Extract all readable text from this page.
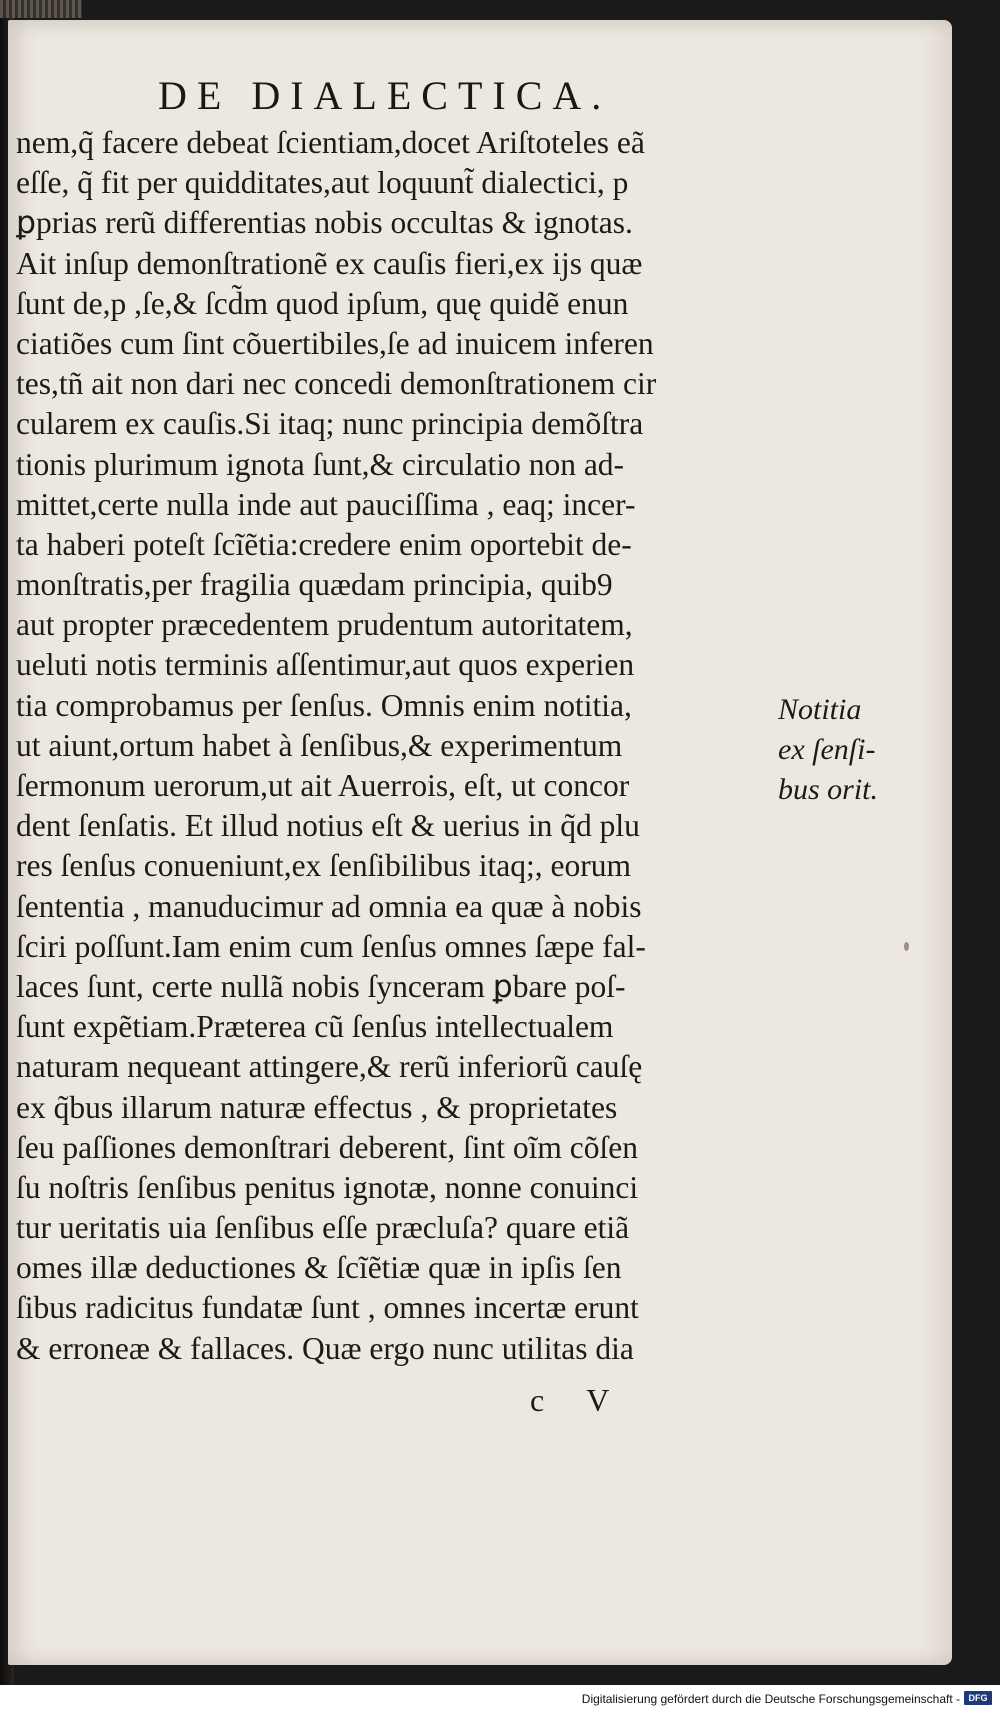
DE DIALECTICA.
nem,q̃ facere debeat ſcientiam,docet Ariſtoteles eã
eſſe, q̃ fit per quidditates,aut loquunt̃ dialectici, p
ꝑprias rerũ differentias nobis occultas & ignotas.
Ait inſup demonſtrationẽ ex cauſis fieri,ex ijs quæ
ſunt de,p ,ſe,& ſcd̃m quod ipſum, quę quidẽ enun
ciatiões cum ſint cõuertibiles,ſe ad inuicem inferen
tes,tñ ait non dari nec concedi demonſtrationem cir
cularem ex cauſis.Si itaq; nunc principia demõſtra
tionis plurimum ignota ſunt,& circulatio non ad-
mittet,certe nulla inde aut pauciſſima , eaq; incer-
ta haberi poteſt ſcĩẽtia:credere enim oportebit de-
monſtratis,per fragilia quædam principia, quib9
aut propter præcedentem prudentum autoritatem,
ueluti notis terminis aſſentimur,aut quos experien
tia comprobamus per ſenſus. Omnis enim notitia,
ut aiunt,ortum habet à ſenſibus,& experimentum
ſermonum uerorum,ut ait Auerrois, eſt, ut concor
dent ſenſatis. Et illud notius eſt & uerius in q̃d plu
res ſenſus conueniunt,ex ſenſibilibus itaq;, eorum
ſententia , manuducimur ad omnia ea quæ à nobis
ſciri poſſunt.Iam enim cum ſenſus omnes ſæpe fal-
laces ſunt, certe nullã nobis ſynceram ꝑbare poſ-
ſunt expẽtiam.Præterea cũ ſenſus intellectualem
naturam nequeant attingere,& rerũ inferiorũ cauſę
ex q̃bus illarum naturæ effectus , & proprietates
ſeu paſſiones demonſtrari deberent, ſint oĩm cõſen
ſu noſtris ſenſibus penitus ignotæ, nonne conuinci
tur ueritatis uia ſenſibus eſſe præcluſa? quare etiã
omes illæ deductiones & ſcĩẽtiæ quæ in ipſis ſen
ſibus radicitus fundatæ ſunt , omnes incertæ erunt
& erroneæ & fallaces. Quæ ergo nunc utilitas dia
Notitia
ex ſenſi-
bus orit.
cV
Digitalisierung gefördert durch die Deutsche Forschungsgemeinschaft - DFG
